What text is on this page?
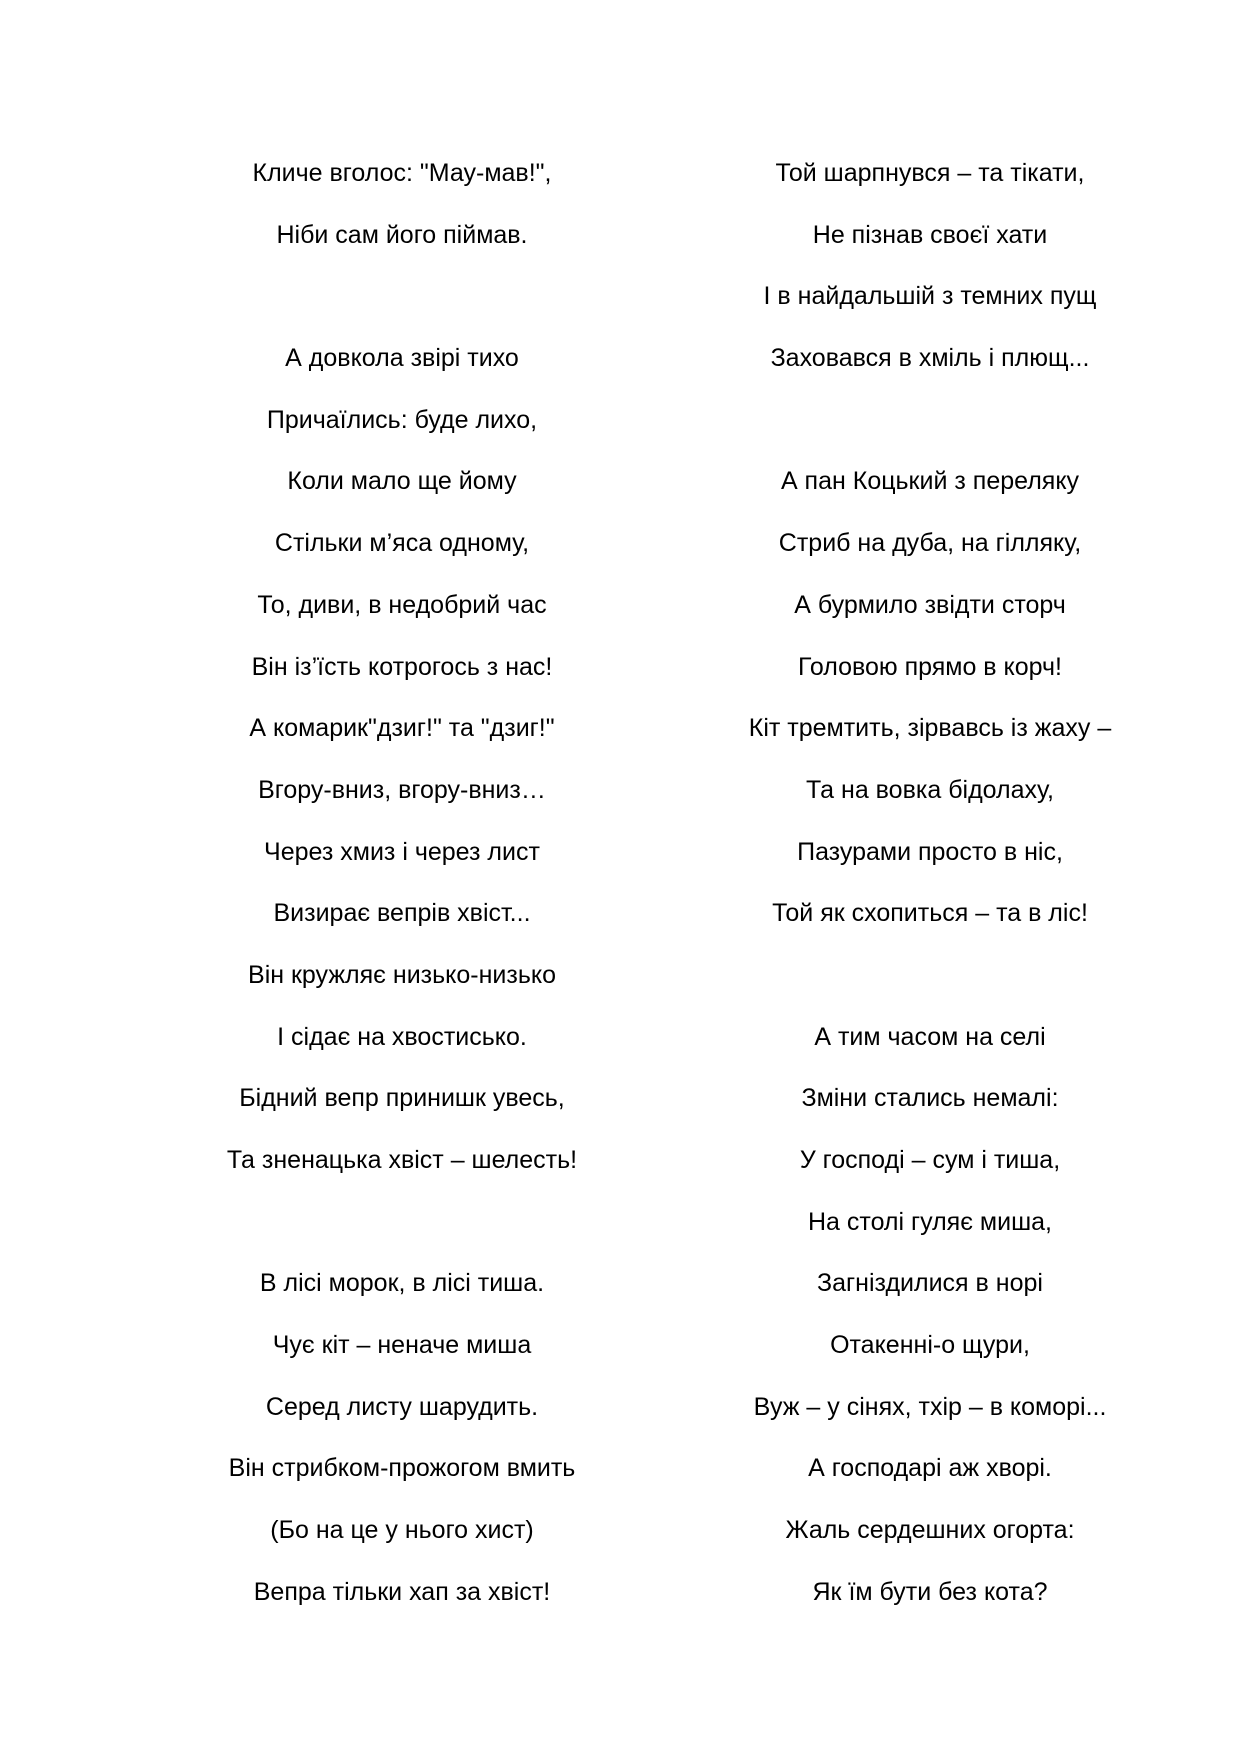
Кличе вголос: "Мау-мав!",

Ніби сам його піймав.

А довкола звірі тихо

Причаїлись: буде лихо,

Коли мало ще йому

Стільки м’яса одному,

То, диви, в недобрий час

Він із’їсть котрогось з нас!

А комарик"дзиг!" та "дзиг!"

Вгору-вниз, вгору-вниз…

Через хмиз і через лист

Визирає вепрів хвіст...

Він кружляє низько-низько

І сідає на хвостисько.

Бідний вепр принишк увесь,

Та зненацька хвіст – шелесть!

В лісі морок, в лісі тиша.

Чує кіт – неначе миша

Серед листу шарудить.

Він стрибком-прожогом вмить

(Бо на це у нього хист)

Вепра тільки хап за хвіст!

Той шарпнувся – та тікати,

Не пізнав своєї хати

І в найдальшій з темних пущ

Заховався в хміль і плющ...

А пан Коцький з переляку

Стриб на дуба, на гілляку,

А бурмило звідти сторч

Головою прямо в корч!

Кіт тремтить, зірвавсь із жаху –

Та на вовка бідолаху,

Пазурами просто в ніс,

Той як схопиться – та в ліс!

А тим часом на селі

Зміни стались немалі:

У господі – сум і тиша,

На столі гуляє миша,

Загніздилися в норі

Отакенні-о щури,

Вуж – у сінях, тхір – в коморі...

А господарі аж хворі.

Жаль сердешних огорта:

Як їм бути без кота?
